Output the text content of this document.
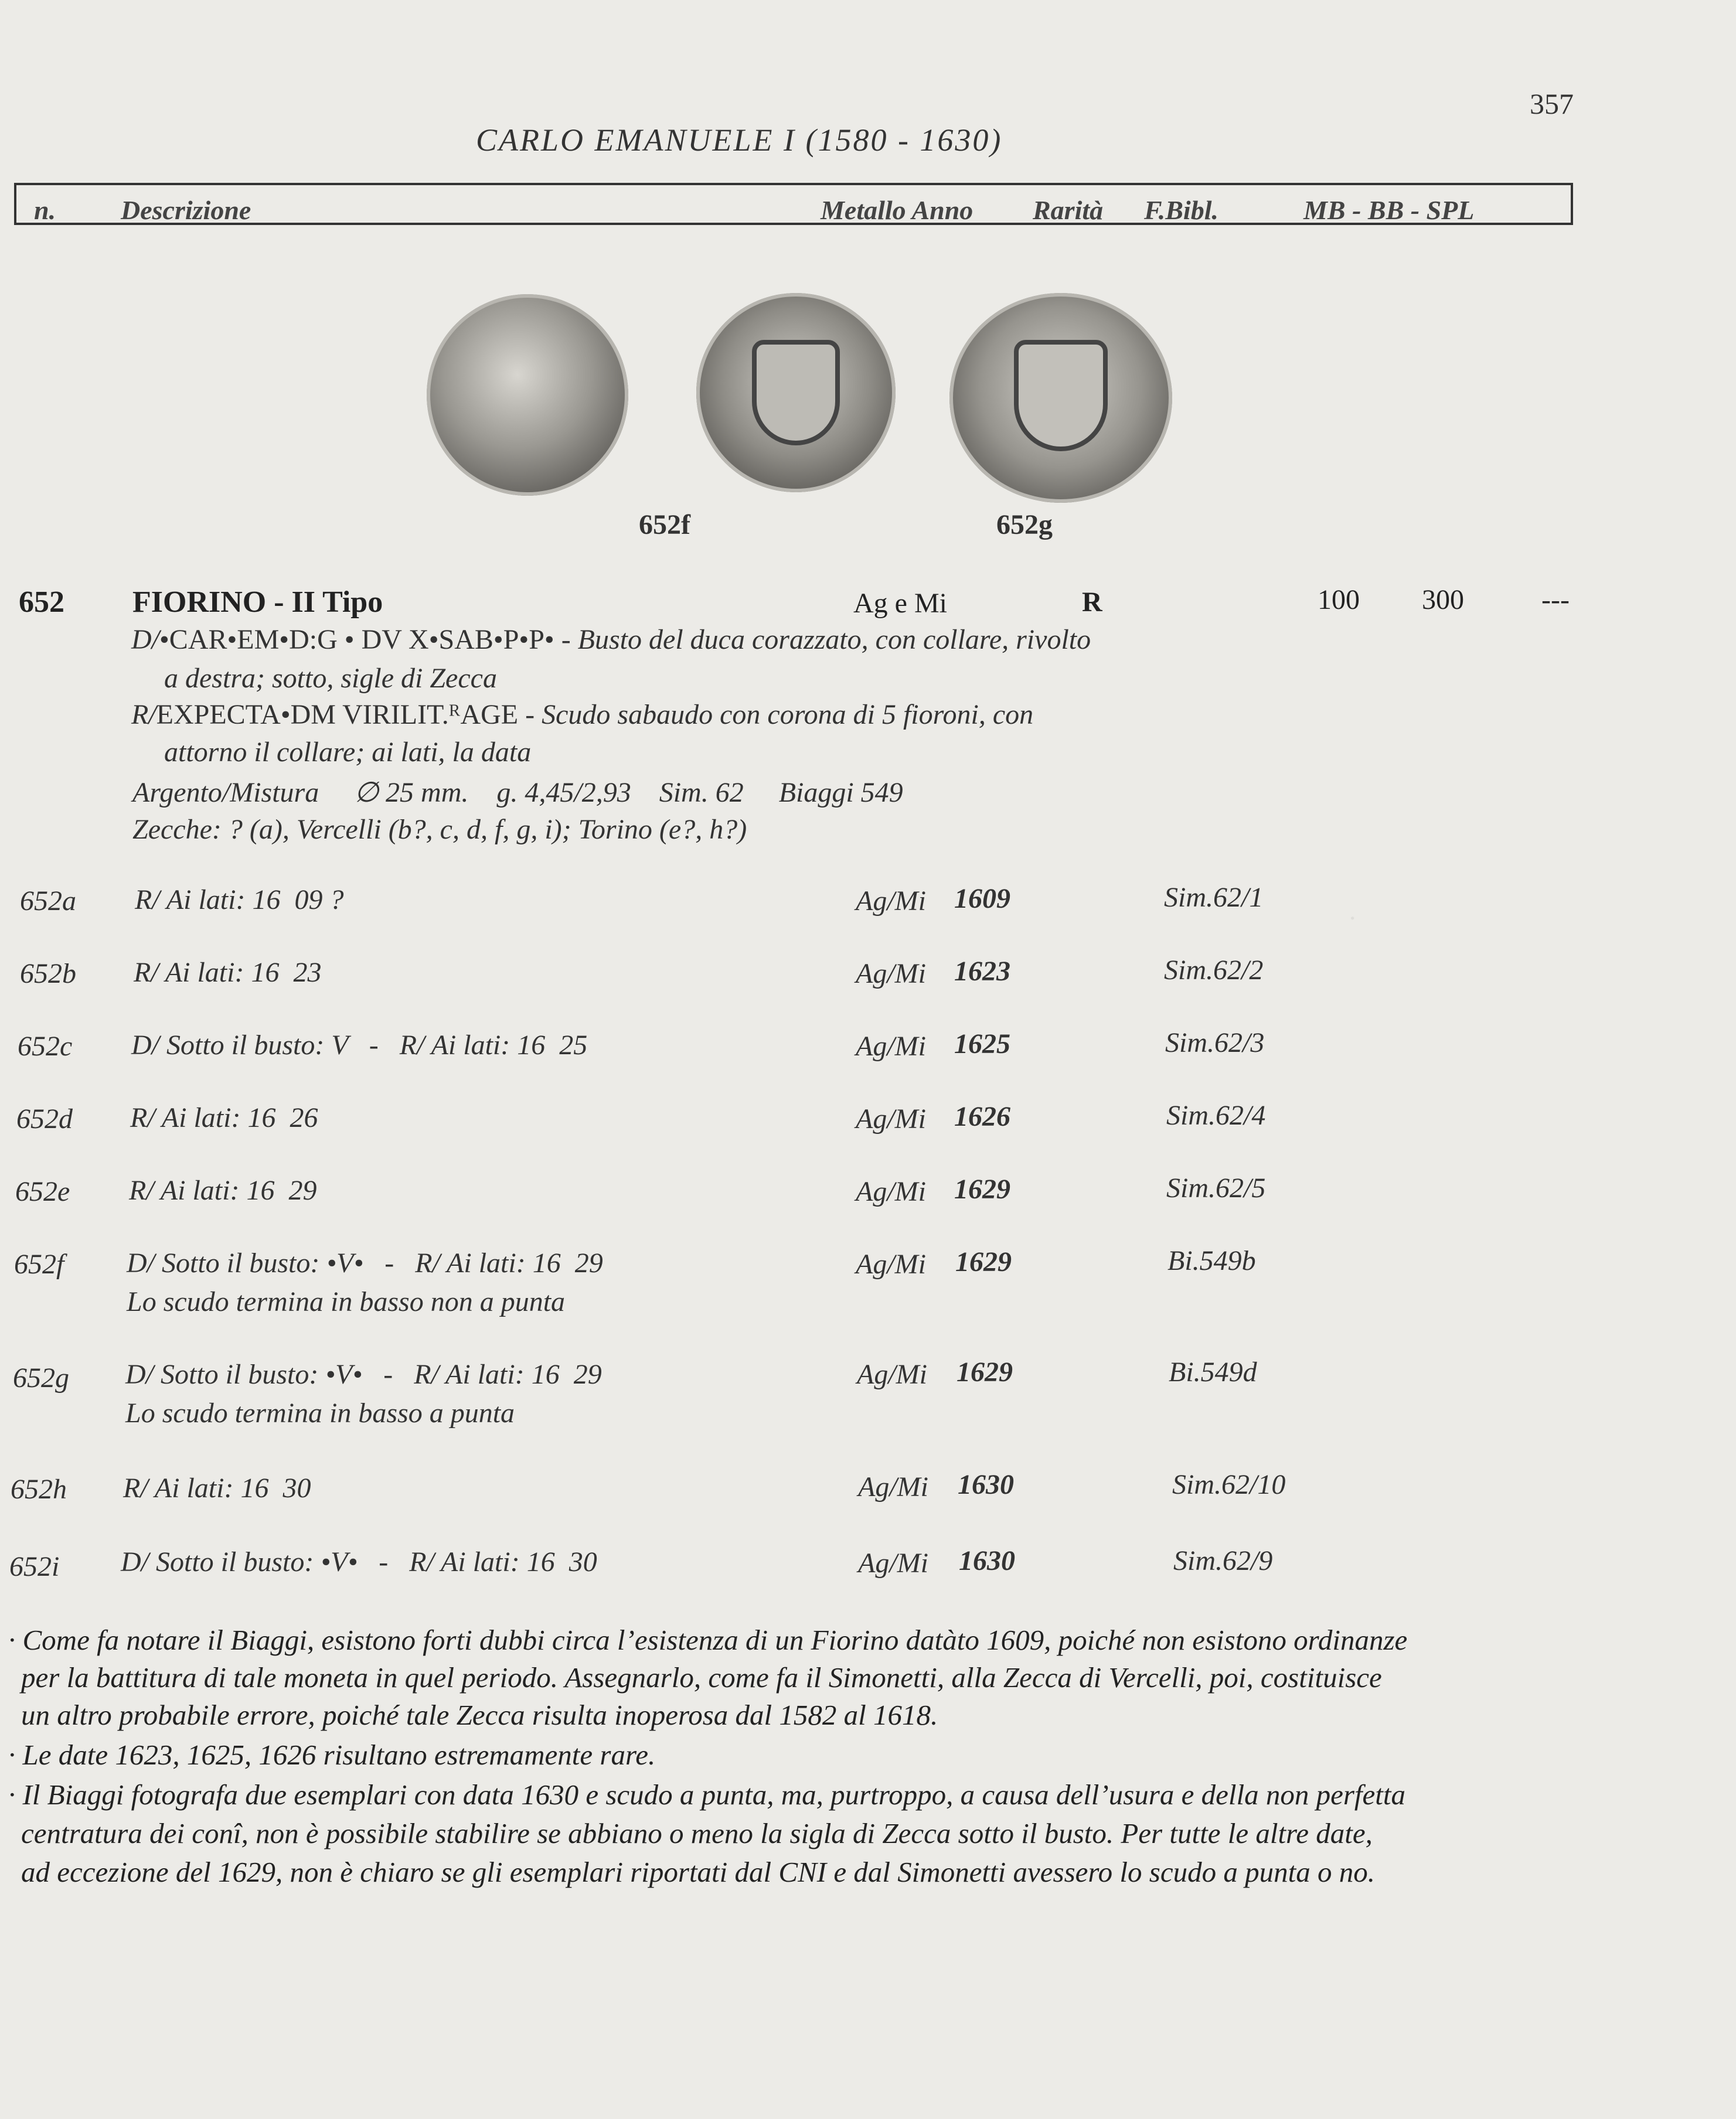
·
357
CARLO EMANUELE I (1580 - 1630)
n. Descrizione	Metallo Anno Rarità F.Bibl.	MB - BB - SPL
652f	652g
652 FIORINO - II Tipo	Ag e Mi	R	100 300	---
D/•CAR•EM•D:G • DV X•SAB•P•P• - Busto del duca corazzato, con collare, rivolto
a destra; sotto, sigle di Zecca
R/EXPECTA•DM VIRILIT.ᴿAGE - Scudo sabaudo con corona di 5 fioroni, con
attorno il collare; ai lati, la data
Argento/Mistura     ∅ 25 mm.    g. 4,45/2,93    Sim. 62     Biaggi 549
Zecche: ? (a), Vercelli (b?, c, d, f, g, i); Torino (e?, h?)
652a R/ Ai lati: 16  09 ?	Ag/Mi 1609	Sim.62/1
652b R/ Ai lati: 16  23	Ag/Mi 1623	Sim.62/2
652c D/ Sotto il busto: V   -   R/ Ai lati: 16  25	Ag/Mi 1625	Sim.62/3
652d R/ Ai lati: 16  26	Ag/Mi 1626	Sim.62/4
652e R/ Ai lati: 16  29	Ag/Mi 1629	Sim.62/5
652f D/ Sotto il busto: •V•   -   R/ Ai lati: 16  29
Lo scudo termina in basso non a punta
Ag/Mi 1629	Bi.549b
652g D/ Sotto il busto: •V•   -   R/ Ai lati: 16  29
Lo scudo termina in basso a punta
Ag/Mi 1629	Bi.549d
652h R/ Ai lati: 16  30	Ag/Mi 1630	Sim.62/10
652i D/ Sotto il busto: •V•   -   R/ Ai lati: 16  30	Ag/Mi 1630	Sim.62/9
· Come fa notare il Biaggi, esistono forti dubbi circa l’esistenza di un Fiorino datàto 1609, poiché non esistono ordinanze
per la battitura di tale moneta in quel periodo. Assegnarlo, come fa il Simonetti, alla Zecca di Vercelli, poi, costituisce
un altro probabile errore, poiché tale Zecca risulta inoperosa dal 1582 al 1618.
· Le date 1623, 1625, 1626 risultano estremamente rare.
· Il Biaggi fotografa due esemplari con data 1630 e scudo a punta, ma, purtroppo, a causa dell’usura e della non perfetta
centratura dei conî, non è possibile stabilire se abbiano o meno la sigla di Zecca sotto il busto. Per tutte le altre date,
ad eccezione del 1629, non è chiaro se gli esemplari riportati dal CNI e dal Simonetti avessero lo scudo a punta o no.
